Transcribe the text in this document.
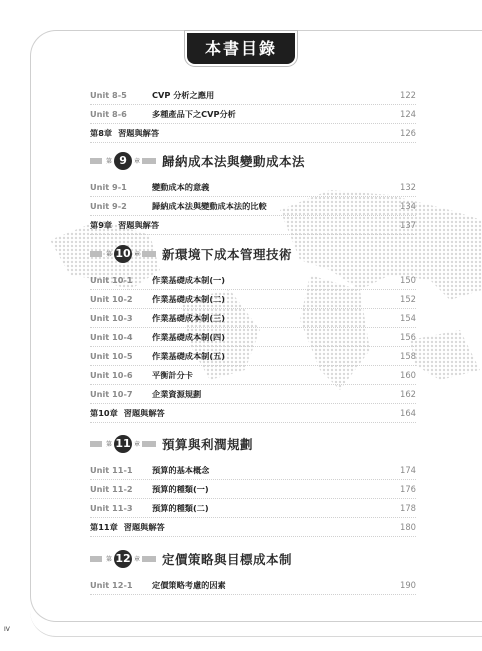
本書目錄
Unit 8-5	CVP 分析之應用	122
Unit 8-6	多種產品下之CVP分析	124
第8章 習題與解答	126
第 9 章 歸納成本法與變動成本法
Unit 9-1	變動成本的意義	132
Unit 9-2	歸納成本法與變動成本法的比較	134
第9章 習題與解答	137
第 10 章 新環境下成本管理技術
Unit 10-1 作業基礎成本制(一)	150
Unit 10-2 作業基礎成本制(二)	152
Unit 10-3 作業基礎成本制(三)	154
Unit 10-4 作業基礎成本制(四)	156
Unit 10-5 作業基礎成本制(五)	158
Unit 10-6 平衡計分卡	160
Unit 10-7 企業資源規劃	162
第10章 習題與解答	164
第 11 章 預算與利潤規劃
Unit 11-1 預算的基本概念	174
Unit 11-2 預算的種類(一)	176
Unit 11-3 預算的種類(二)	178
第11章 習題與解答	180
第 12 章 定價策略與目標成本制
Unit 12-1 定價策略考慮的因素	190
IV
